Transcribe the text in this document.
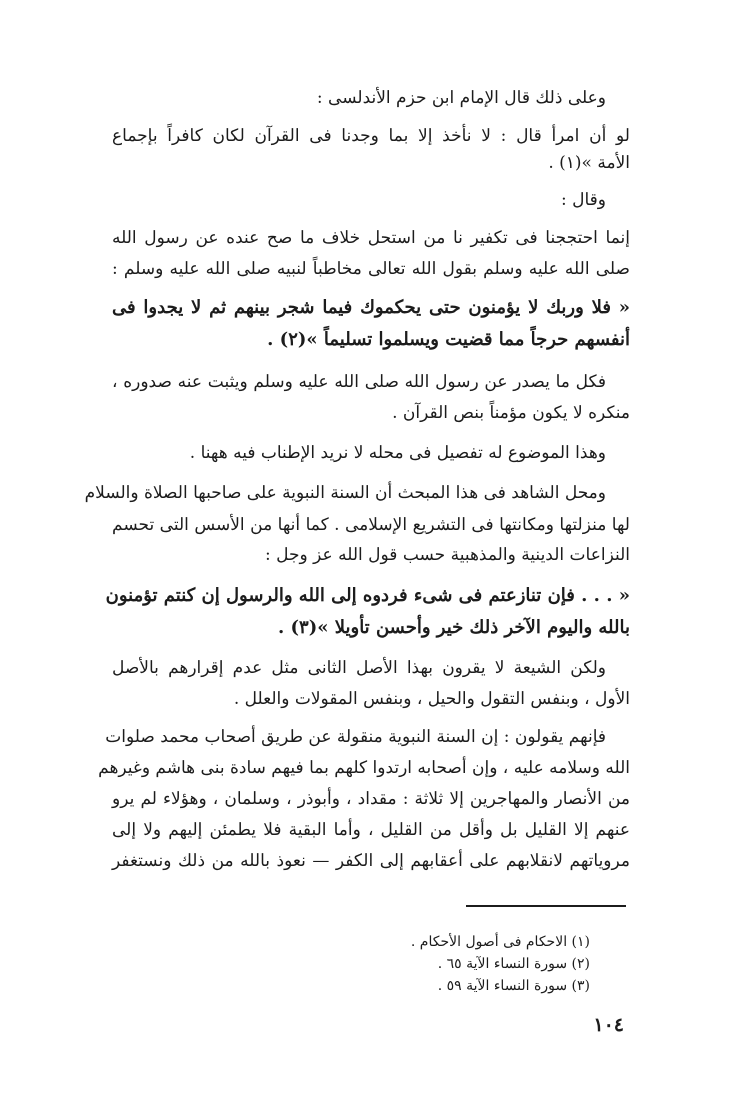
وعلى ذلك قال الإمام ابن حزم الأندلسى :
لو أن امرأ قال : لا نأخذ إلا بما وجدنا فى القرآن لكان كافراً بإجماع
الأمة »(١) .
وقال :
إنما احتججنا فى تكفير نا من استحل خلاف ما صح عنده عن رسول الله
صلى الله عليه وسلم بقول الله تعالى مخاطباً لنبيه صلى الله عليه وسلم :
« فلا وربك لا يؤمنون حتى يحكموك فيما شجر بينهم ثم لا يجدوا فى
أنفسهم حرجاً مما قضيت ويسلموا تسليماً »(٢) .
فكل ما يصدر عن رسول الله صلى الله عليه وسلم ويثبت عنه صدوره ،
منكره لا يكون مؤمناً بنص القرآن .
وهذا الموضوع له تفصيل فى محله لا نريد الإطناب فيه ههنا .
ومحل الشاهد فى هذا المبحث أن السنة النبوية على صاحبها الصلاة والسلام
لها منزلتها ومكانتها فى التشريع الإسلامى . كما أنها من الأسس التى تحسم
النزاعات الدينية والمذهبية حسب قول الله عز وجل :
« . . . فإن تنازعتم فى شىء فردوه إلى الله والرسول إن كنتم تؤمنون
بالله واليوم الآخر ذلك خير وأحسن تأويلا »(٣) .
ولكن الشيعة لا يقرون بهذا الأصل الثانى مثل عدم إقرارهم بالأصل
الأول ، وبنفس التقول والحيل ، وبنفس المقولات والعلل .
فإنهم يقولون : إن السنة النبوية منقولة عن طريق أصحاب محمد صلوات
الله وسلامه عليه ، وإن أصحابه ارتدوا كلهم بما فيهم سادة بنى هاشم وغيرهم
من الأنصار والمهاجرين إلا ثلاثة : مقداد ، وأبوذر ، وسلمان ، وهؤلاء لم يرو
عنهم إلا القليل بل وأقل من القليل ، وأما البقية فلا يطمئن إليهم ولا إلى
مروياتهم لانقلابهم على أعقابهم إلى الكفر — نعوذ بالله من ذلك ونستغفر
(١) الاحكام فى أصول الأحكام .
(٢) سورة النساء الآية ٦٥ .
(٣) سورة النساء الآية ٥٩ .
١٠٤
